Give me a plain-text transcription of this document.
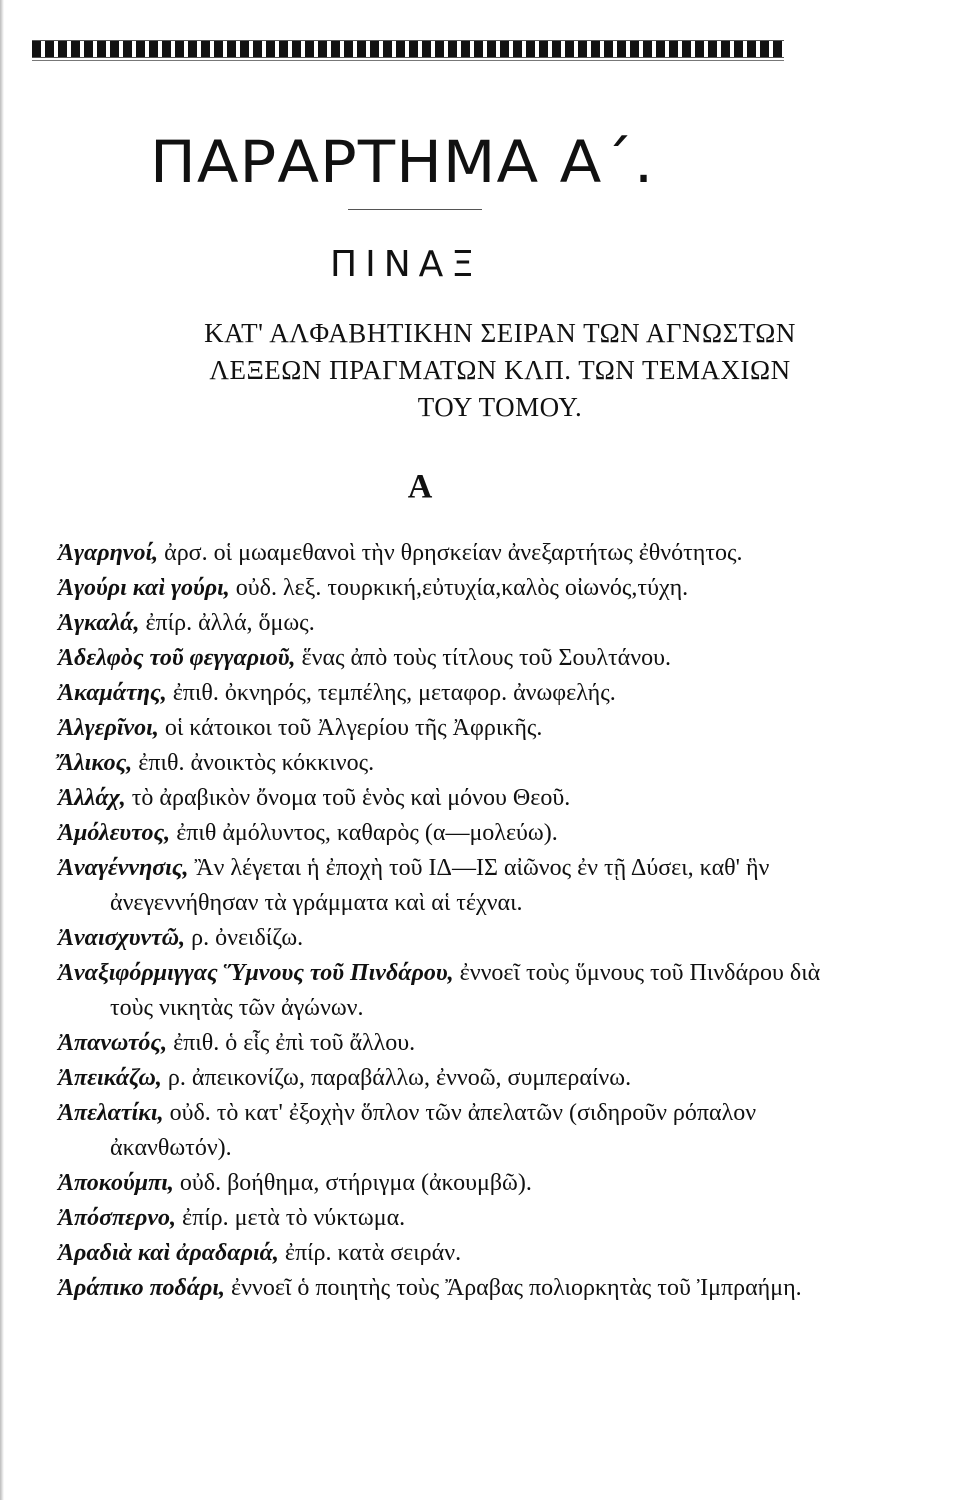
ΠΑΡΑΡΤΗΜΑ Α΄.
ΠΙΝΑΞ
ΚΑΤ' ΑΛΦΑΒΗΤΙΚΗΝ ΣΕΙΡΑΝ ΤΩΝ ΑΓΝΩΣΤΩΝ
ΛΕΞΕΩΝ ΠΡΑΓΜΑΤΩΝ ΚΛΠ. ΤΩΝ ΤΕΜΑΧΙΩΝ
ΤΟΥ ΤΟΜΟΥ.
Α
Ἀγαρηνοί, ἀρσ. οἱ μωαμεθανοὶ τὴν θρησκείαν ἀνεξαρτήτως ἐθνότητος.
Ἀγούρι καὶ γούρι, οὐδ. λεξ. τουρκική,εὐτυχία,καλὸς οἰωνός,τύχη.
Ἀγκαλά, ἐπίρ. ἀλλά, ὅμως.
Ἀδελφὸς τοῦ φεγγαριοῦ, ἕνας ἀπὸ τοὺς τίτλους τοῦ Σουλτάνου.
Ἀκαμάτης, ἐπιθ. ὀκνηρός, τεμπέλης, μεταφορ. ἀνωφελής.
Ἀλγερῖνοι, οἱ κάτοικοι τοῦ Ἀλγερίου τῆς Ἀφρικῆς.
Ἄλικος, ἐπιθ. ἀνοικτὸς κόκκινος.
Ἀλλάχ, τὸ ἀραβικὸν ὄνομα τοῦ ἑνὸς καὶ μόνου Θεοῦ.
Ἀμόλευτος, ἐπιθ ἀμόλυντος, καθαρὸς (α—μολεύω).
Ἀναγέννησις, Ἂν λέγεται ἡ ἐποχὴ τοῦ ΙΔ—ΙΣ αἰῶνος ἐν τῇ Δύσει, καθ' ἣν ἀνεγεννήθησαν τὰ γράμματα καὶ αἱ τέχναι.
Ἀναισχυντῶ, ρ. ὀνειδίζω.
Ἀναξιφόρμιγγας Ὕμνους τοῦ Πινδάρου, ἐννοεῖ τοὺς ὕμνους τοῦ Πινδάρου διὰ τοὺς νικητὰς τῶν ἀγώνων.
Ἀπανωτός, ἐπιθ. ὁ εἷς ἐπὶ τοῦ ἄλλου.
Ἀπεικάζω, ρ. ἀπεικονίζω, παραβάλλω, ἐννοῶ, συμπεραίνω.
Ἀπελατίκι, οὐδ. τὸ κατ' ἐξοχὴν ὅπλον τῶν ἀπελατῶν (σιδηροῦν ρόπαλον ἀκανθωτόν).
Ἀποκούμπι, οὐδ. βοήθημα, στήριγμα (ἀκουμβῶ).
Ἀπόσπερνο, ἐπίρ. μετὰ τὸ νύκτωμα.
Ἀραδιὰ καὶ ἀραδαριά, ἐπίρ. κατὰ σειράν.
Ἀράπικο ποδάρι, ἐννοεῖ ὁ ποιητὴς τοὺς Ἄραβας πολιορκητὰς τοῦ Ἰμπραήμη.
